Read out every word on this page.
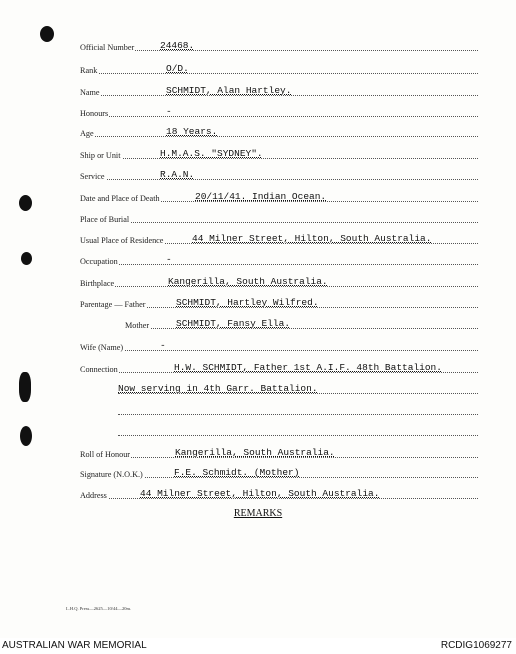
Official Number	24468.
Rank	O/D.
Name	SCHMIDT, Alan Hartley.
Honours	-
Age	18 Years.
Ship or Unit	H.M.A.S. "SYDNEY".
Service	R.A.N.
Date and Place of Death	20/11/41. Indian Ocean.
Place of Burial
Usual Place of Residence	44 Milner Street, Hilton, South Australia.
Occupation	-
Birthplace	Kangerilla, South Australia.
Parentage — Father	SCHMIDT, Hartley Wilfred.
Mother	SCHMIDT, Fansy Ella.
Wife (Name)	-
Connection	H.W. SCHMIDT, Father 1st A.I.F. 48th Battalion.
Now serving in 4th Garr. Battalion.
Roll of Honour	Kangerilla, South Australia.
Signature (N.O.K.)	F.E. Schmidt. (Mother)
Address	44 Milner Street, Hilton, South Australia.
REMARKS
L.H.Q. Press—2625—10/44—20m.
AUSTRALIAN WAR MEMORIAL	RCDIG1069277
